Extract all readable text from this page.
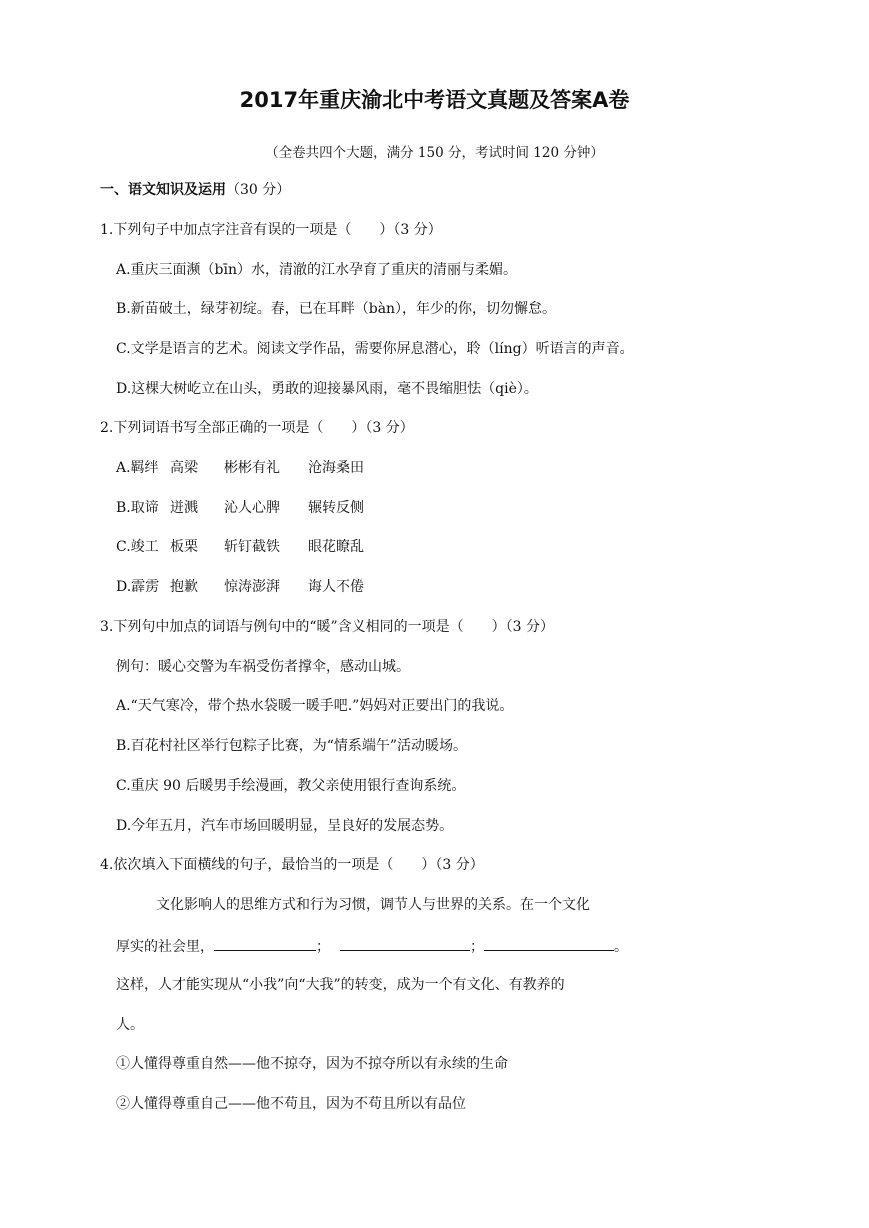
2017年重庆渝北中考语文真题及答案A卷
（全卷共四个大题，满分 150 分，考试时间 120 分钟）
一、语文知识及运用（30 分）
1.下列句子中加点字注音有误的一项是（　　）（3 分）
A.重庆三面濒（bīn）水，清澈的江水孕育了重庆的清丽与柔媚。
B.新苗破土，绿芽初绽。春，已在耳畔（bàn），年少的你，切勿懈怠。
C.文学是语言的艺术。阅读文学作品，需要你屏息潜心，聆（líng）听语言的声音。
D.这棵大树屹立在山头，勇敢的迎接暴风雨，毫不畏缩胆怯（qiè）。
2.下列词语书写全部正确的一项是（　　）（3 分）
A.羁绊 高梁 彬彬有礼 沧海桑田
B.取谛 迸溅 沁人心脾 辗转反侧
C.竣工 板栗 斩钉截铁 眼花瞭乱
D.霹雳 抱歉 惊涛澎湃 诲人不倦
3.下列句中加点的词语与例句中的“暖”含义相同的一项是（　　）（3 分）
例句：暖心交警为车祸受伤者撑伞，感动山城。
A.“天气寒冷，带个热水袋暖一暖手吧.”妈妈对正要出门的我说。
B.百花村社区举行包粽子比赛，为“情系端午”活动暖场。
C.重庆 90 后暖男手绘漫画，教父亲使用银行查询系统。
D.今年五月，汽车市场回暖明显，呈良好的发展态势。
4.依次填入下面横线的句子，最恰当的一项是（　　）（3 分）
文化影响人的思维方式和行为习惯，调节人与世界的关系。在一个文化
厚实的社会里，	；	；	。
这样，人才能实现从“小我”向“大我”的转变，成为一个有文化、有教养的
人。
①人懂得尊重自然——他不掠夺，因为不掠夺所以有永续的生命
②人懂得尊重自己——他不苟且，因为不苟且所以有品位
